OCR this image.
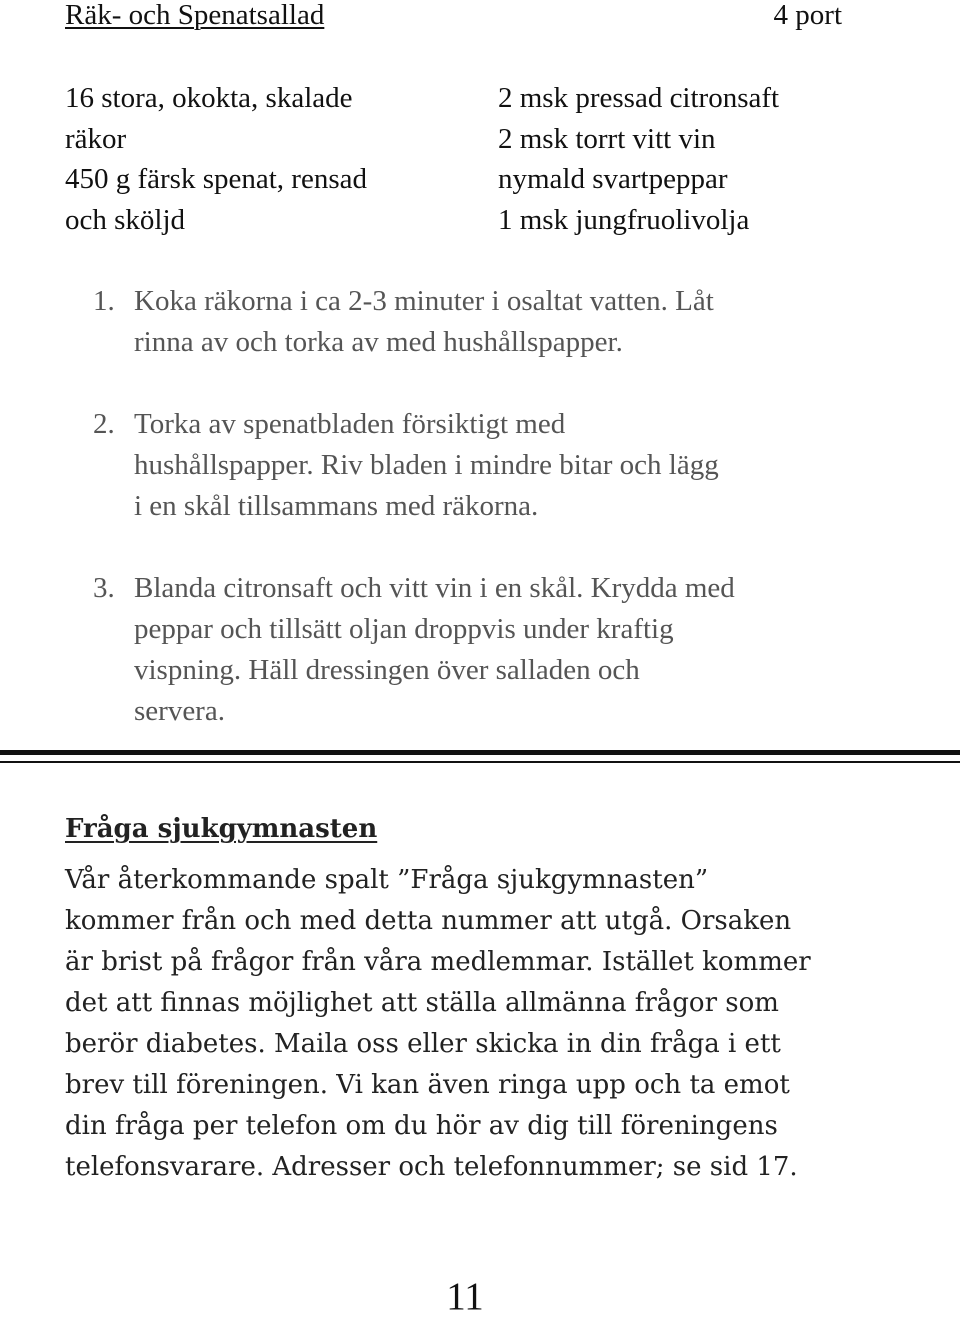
Räk- och Spenatsallad	4 port
16 stora, okokta, skalade
räkor
450 g färsk spenat, rensad
och sköljd
2 msk pressad citronsaft
2 msk torrt vitt vin
nymald svartpeppar
1 msk jungfruolivolja
1. Koka räkorna i ca 2-3 minuter i osaltat vatten. Låt
rinna av och torka av med hushållspapper.
2. Torka av spenatbladen försiktigt med
hushållspapper. Riv bladen i mindre bitar och lägg
i en skål tillsammans med räkorna.
3. Blanda citronsaft och vitt vin i en skål. Krydda med
peppar och tillsätt oljan droppvis under kraftig
vispning. Häll dressingen över salladen och
servera.
Fråga sjukgymnasten
Vår återkommande spalt ”Fråga sjukgymnasten”
kommer från och med detta nummer att utgå. Orsaken
är brist på frågor från våra medlemmar. Istället kommer
det att finnas möjlighet att ställa allmänna frågor som
berör diabetes. Maila oss eller skicka in din fråga i ett
brev till föreningen. Vi kan även ringa upp och ta emot
din fråga per telefon om du hör av dig till föreningens
telefonsvarare. Adresser och telefonnummer; se sid 17.
11
